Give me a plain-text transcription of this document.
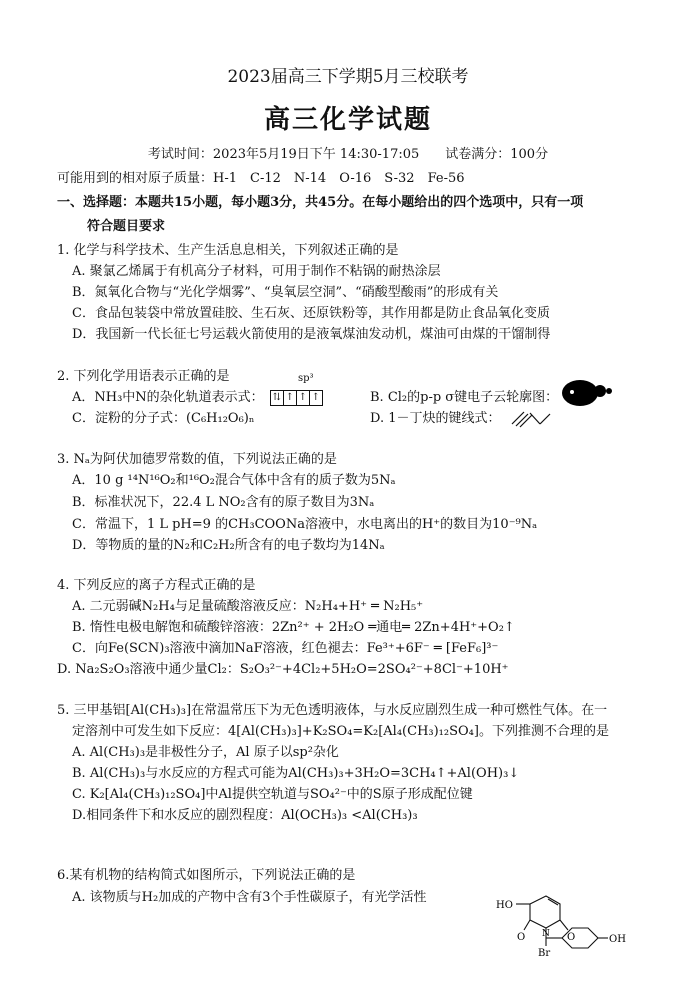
2023届高三下学期5月三校联考
高三化学试题
考试时间：2023年5月19日下午 14:30-17:05　　试卷满分：100分
可能用到的相对原子质量：H-1　C-12　N-14　O-16　S-32　Fe-56
一、选择题：本题共15小题，每小题3分，共45分。在每小题给出的四个选项中，只有一项
符合题目要求
1. 化学与科学技术、生产生活息息相关，下列叙述正确的是
A. 聚氯乙烯属于有机高分子材料，可用于制作不粘锅的耐热涂层
B．氮氧化合物与“光化学烟雾”、“臭氧层空洞”、“硝酸型酸雨”的形成有关
C．食品包装袋中常放置硅胶、生石灰、还原铁粉等，其作用都是防止食品氧化变质
D．我国新一代长征七号运载火箭使用的是液氧煤油发动机，煤油可由煤的干馏制得
2. 下列化学用语表示正确的是	sp³
A．NH₃中N的杂化轨道表示式： ⇅ ↑ ↑ ↑	B. Cl₂的p-p σ键电子云轮廓图：
C．淀粉的分子式：(C₆H₁₂O₆)ₙ	D. 1－丁炔的键线式：
3. Nₐ为阿伏加德罗常数的值，下列说法正确的是
A．10 g ¹⁴N¹⁶O₂和¹⁶O₂混合气体中含有的质子数为5Nₐ
B．标准状况下，22.4 L NO₂含有的原子数目为3Nₐ
C．常温下，1 L pH=9 的CH₃COONa溶液中，水电离出的H⁺的数目为10⁻⁹Nₐ
D．等物质的量的N₂和C₂H₂所含有的电子数均为14Nₐ
4. 下列反应的离子方程式正确的是
A. 二元弱碱N₂H₄与足量硫酸溶液反应：N₂H₄+H⁺ ═ N₂H₅⁺
B. 惰性电极电解饱和硫酸锌溶液：2Zn²⁺ + 2H₂O ═通电═ 2Zn+4H⁺+O₂↑
C．向Fe(SCN)₃溶液中滴加NaF溶液，红色褪去：Fe³⁺+6F⁻ ═ [FeF₆]³⁻
D. Na₂S₂O₃溶液中通少量Cl₂：S₂O₃²⁻+4Cl₂+5H₂O=2SO₄²⁻+8Cl⁻+10H⁺
5. 三甲基铝[Al(CH₃)₃]在常温常压下为无色透明液体，与水反应剧烈生成一种可燃性气体。在一
定溶剂中可发生如下反应：4[Al(CH₃)₃]+K₂SO₄=K₂[Al₄(CH₃)₁₂SO₄]。下列推测不合理的是
A. Al(CH₃)₃是非极性分子，Al 原子以sp²杂化
B. Al(CH₃)₃与水反应的方程式可能为Al(CH₃)₃+3H₂O=3CH₄↑+Al(OH)₃↓
C. K₂[Al₄(CH₃)₁₂SO₄]中Al提供空轨道与SO₄²⁻中的S原子形成配位键
D.相同条件下和水反应的剧烈程度：Al(OCH₃)₃ <Al(CH₃)₃
6.某有机物的结构简式如图所示，下列说法正确的是
A. 该物质与H₂加成的产物中含有3个手性碳原子，有光学活性
HO
O	O
N
Br
OH
